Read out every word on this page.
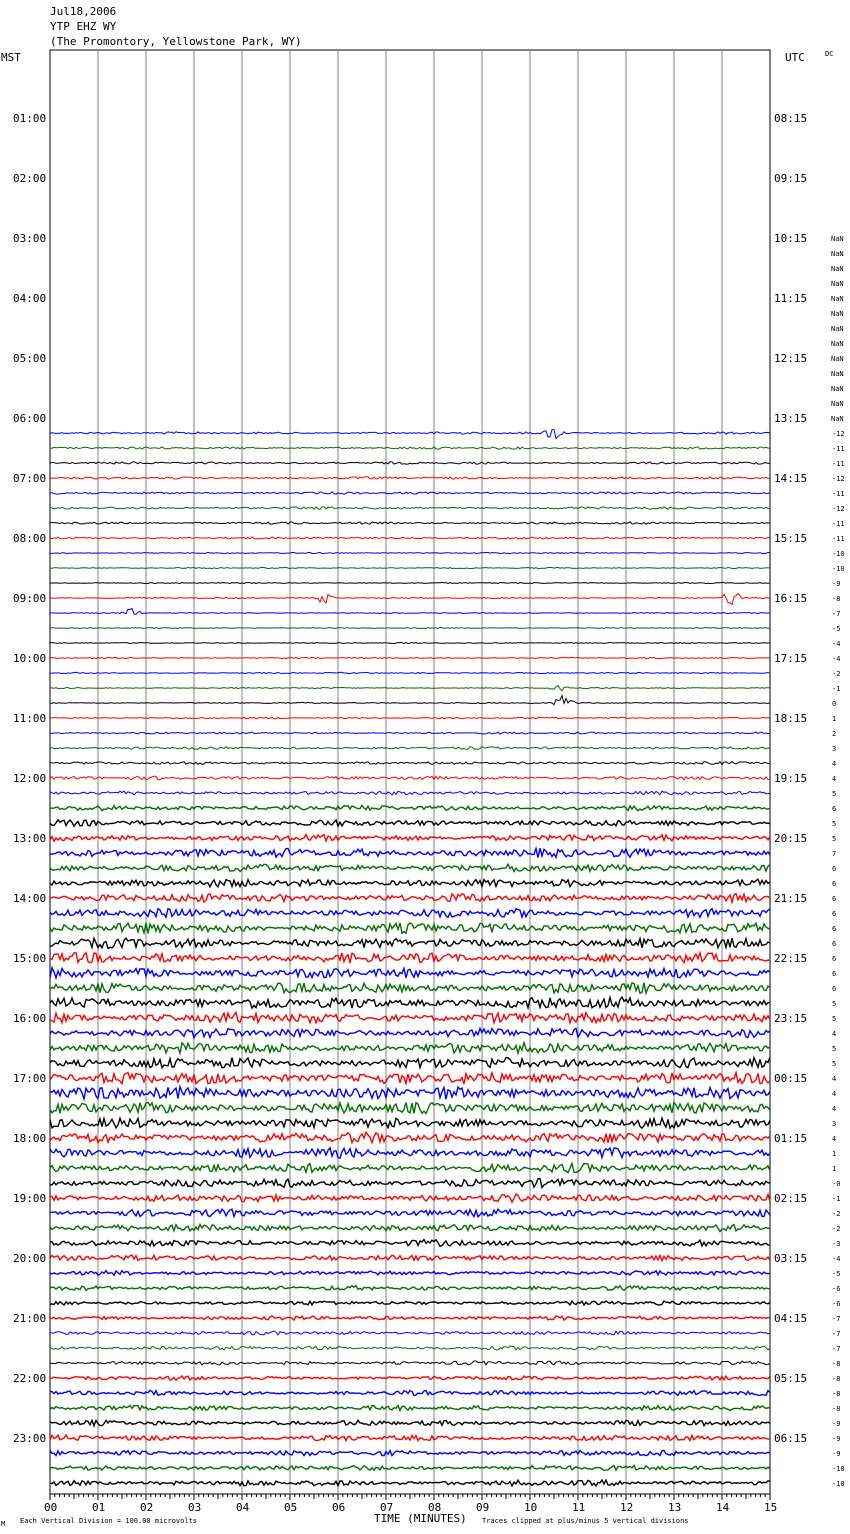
Jul18,2006
YTP EHZ WY
(The Promontory, Yellowstone Park, WY)
MST	UTC	DC
01:00
02:00
03:00
04:00
05:00
06:00
07:00
08:00
09:00
10:00
11:00
12:00
13:00
14:00
15:00
16:00
17:00
18:00
19:00
20:00
21:00
22:00
23:00
08:15
09:15
10:15
11:15
12:15
13:15
14:15
15:15
16:15
17:15
18:15
19:15
20:15
21:15
22:15
23:15
00:15
01:15
02:15
03:15
04:15
05:15
06:15
NaN
NaN
NaN
NaN
NaN
NaN
NaN
NaN
NaN
NaN
NaN
NaN
NaN
-12
-11
-11
-12
-11
-12
-11
-11
-10
-10
-9
-8
-7
-5
-4
-4
-2
-1
0
1
2
3
4
4
5
6
5
5
7
6
6
6
6
6
6
6
6
6
5
5
4
5
5
4
4
4
3
4
1
1
-0
-1
-2
-2
-3
-4
-5
-6
-6
-7
-7
-7
-8
-8
-8
-8
-9
-9
-9
-10
-10
00	01	02	03	04	05	06	07	08	09	10	11	12	13	14	15
TIME (MINUTES)
Each Vertical Division = 100.00 microvolts	Traces clipped at plus/minus 5 vertical divisions
M
